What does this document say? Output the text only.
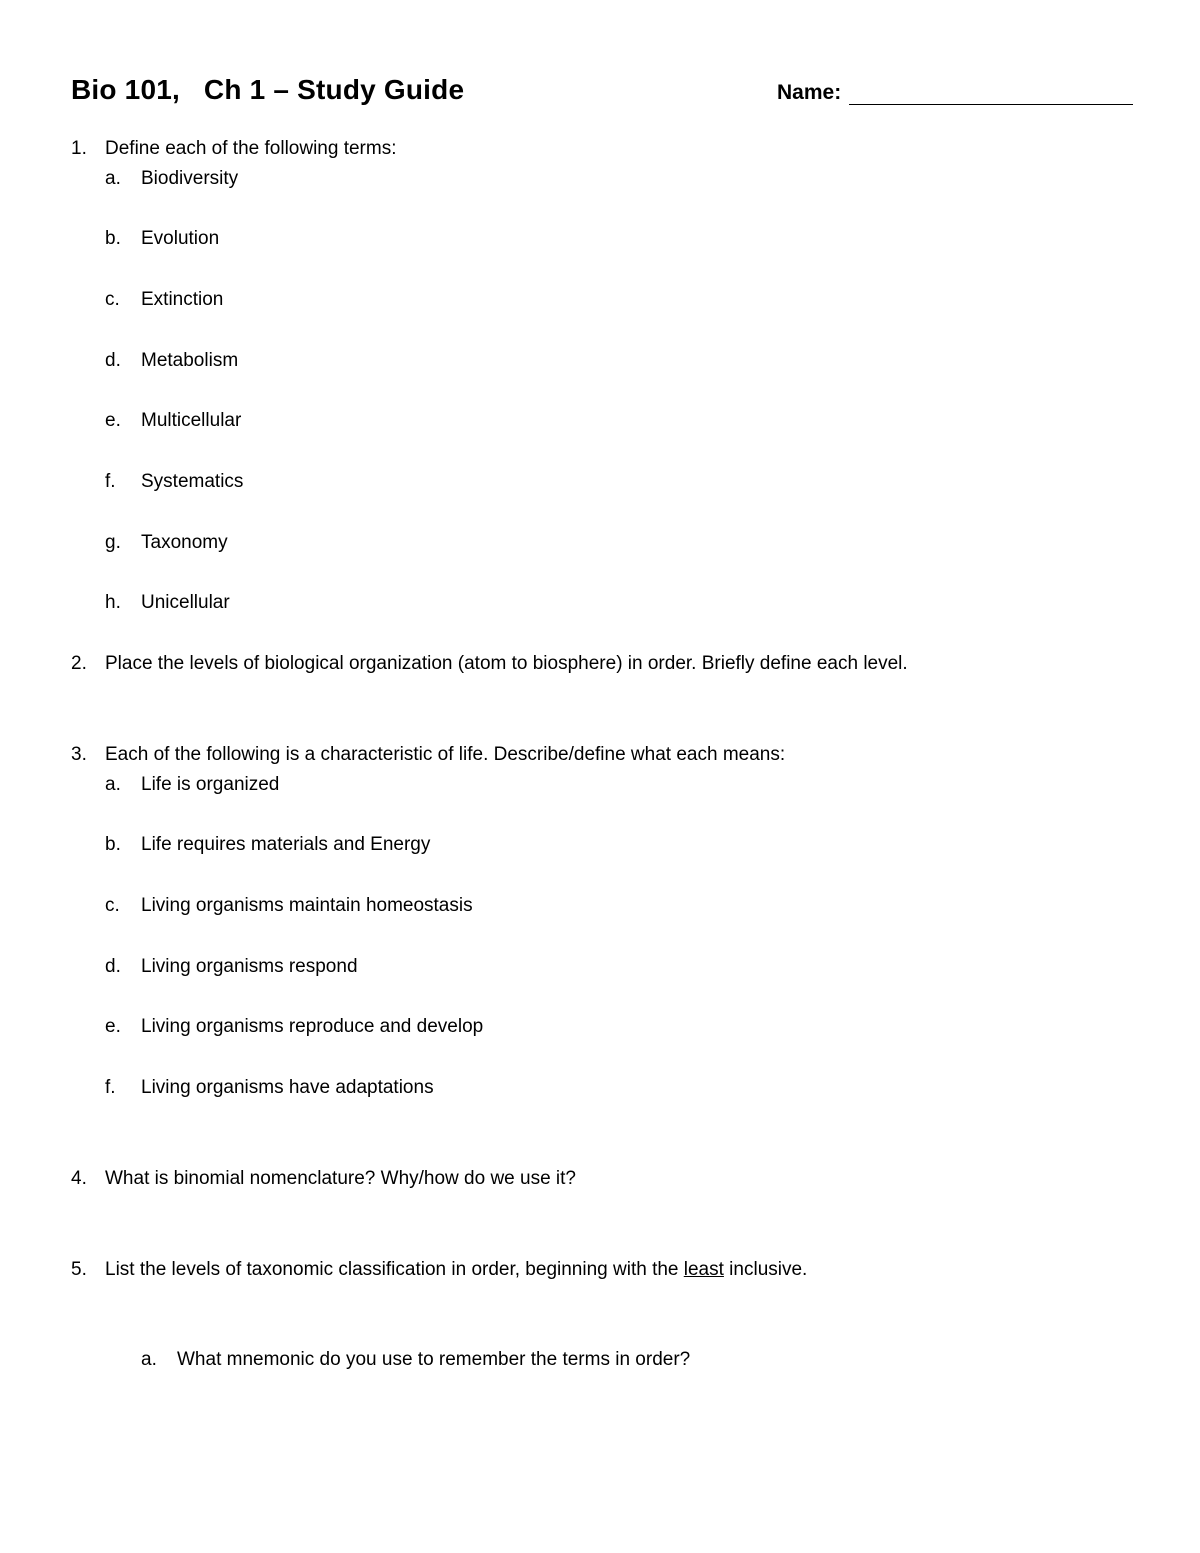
Bio 101,   Ch 1 – Study Guide	Name:
1. Define each of the following terms:
a.	Biodiversity
b.	Evolution
c.	Extinction
d.	Metabolism
e.	Multicellular
f.	Systematics
g.	Taxonomy
h.	Unicellular
2. Place the levels of biological organization (atom to biosphere) in order. Briefly define each level.
3. Each of the following is a characteristic of life. Describe/define what each means:
a.	Life is organized
b.	Life requires materials and Energy
c.	Living organisms maintain homeostasis
d.	Living organisms respond
e.	Living organisms reproduce and develop
f.	Living organisms have adaptations
4. What is binomial nomenclature? Why/how do we use it?
5. List the levels of taxonomic classification in order, beginning with the least inclusive.
a. What mnemonic do you use to remember the terms in order?
